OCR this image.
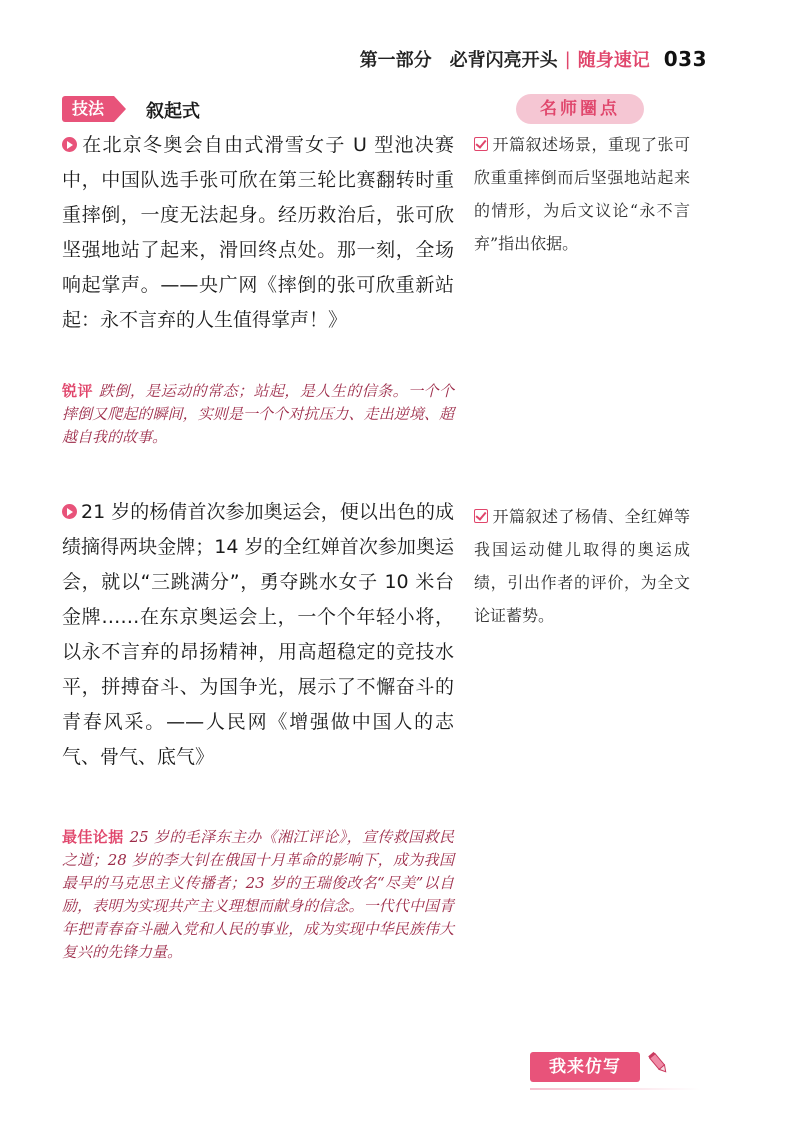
第一部分　必背闪亮开头 | 随身速记 033
技法	叙起式	名师圈点
在北京冬奥会自由式滑雪女子 U 型池决赛中，中国队选手张可欣在第三轮比赛翻转时重重摔倒，一度无法起身。经历救治后，张可欣坚强地站了起来，滑回终点处。那一刻，全场响起掌声。——央广网《摔倒的张可欣重新站起：永不言弃的人生值得掌声！》
锐评 跌倒，是运动的常态；站起，是人生的信条。一个个摔倒又爬起的瞬间，实则是一个个对抗压力、走出逆境、超越自我的故事。
开篇叙述场景，重现了张可欣重重摔倒而后坚强地站起来的情形，为后文议论“永不言弃”指出依据。
21 岁的杨倩首次参加奥运会，便以出色的成绩摘得两块金牌；14 岁的全红婵首次参加奥运会，就以“三跳满分”，勇夺跳水女子 10 米台金牌……在东京奥运会上，一个个年轻小将，以永不言弃的昂扬精神，用高超稳定的竞技水平，拼搏奋斗、为国争光，展示了不懈奋斗的青春风采。——人民网《增强做中国人的志气、骨气、底气》
最佳论据 25 岁的毛泽东主办《湘江评论》，宣传救国救民之道；28 岁的李大钊在俄国十月革命的影响下，成为我国最早的马克思主义传播者；23 岁的王瑞俊改名“尽美”以自励，表明为实现共产主义理想而献身的信念。一代代中国青年把青春奋斗融入党和人民的事业，成为实现中华民族伟大复兴的先锋力量。
开篇叙述了杨倩、全红婵等我国运动健儿取得的奥运成绩，引出作者的评价，为全文论证蓄势。
我来仿写
